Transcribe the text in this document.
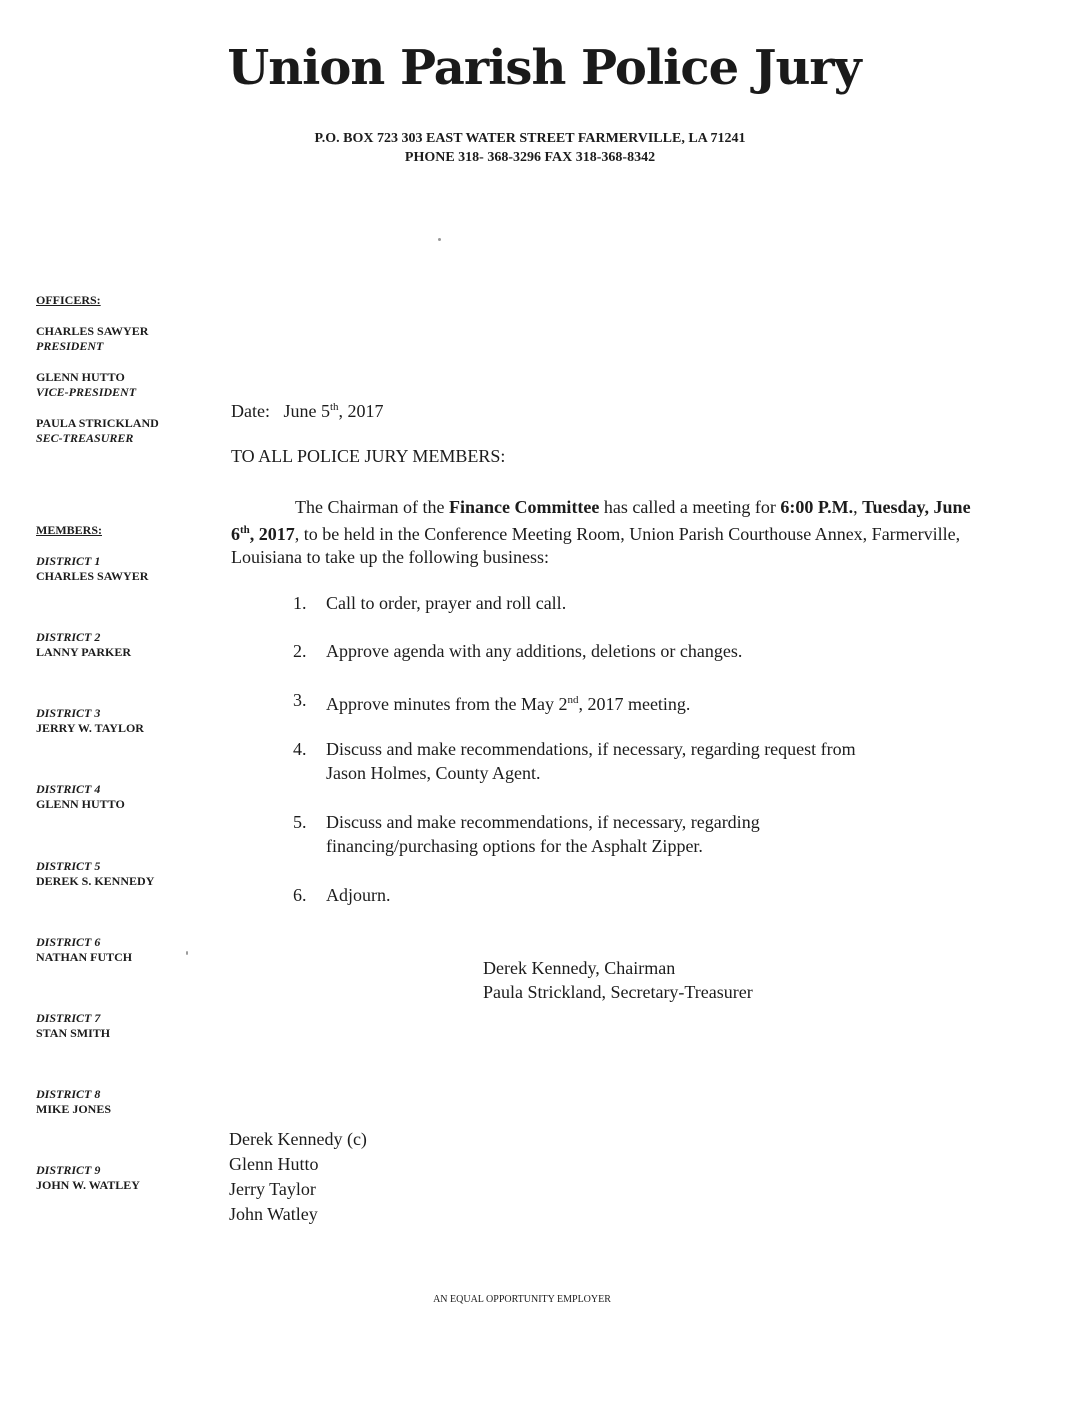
Union Parish Police Jury
P.O. BOX 723 303 EAST WATER STREET FARMERVILLE, LA 71241
PHONE 318- 368-3296 FAX 318-368-8342
OFFICERS:
CHARLES SAWYER
PRESIDENT
GLENN HUTTO
VICE-PRESIDENT
PAULA STRICKLAND
SEC-TREASURER
MEMBERS:
DISTRICT 1
CHARLES SAWYER
DISTRICT 2
LANNY PARKER
DISTRICT 3
JERRY W. TAYLOR
DISTRICT 4
GLENN HUTTO
DISTRICT 5
DEREK S. KENNEDY
DISTRICT 6
NATHAN FUTCH
DISTRICT 7
STAN SMITH
DISTRICT 8
MIKE JONES
DISTRICT 9
JOHN W. WATLEY
Date: June 5th, 2017
TO ALL POLICE JURY MEMBERS:
The Chairman of the Finance Committee has called a meeting for 6:00 P.M., Tuesday, June 6th, 2017, to be held in the Conference Meeting Room, Union Parish Courthouse Annex, Farmerville, Louisiana to take up the following business:
1.	Call to order, prayer and roll call.
2.	Approve agenda with any additions, deletions or changes.
3.	Approve minutes from the May 2nd, 2017 meeting.
4.	Discuss and make recommendations, if necessary, regarding request from
Jason Holmes, County Agent.
5.	Discuss and make recommendations, if necessary, regarding
financing/purchasing options for the Asphalt Zipper.
6.	Adjourn.
Derek Kennedy, Chairman
Paula Strickland, Secretary-Treasurer
Derek Kennedy (c)
Glenn Hutto
Jerry Taylor
John Watley
AN EQUAL OPPORTUNITY EMPLOYER
